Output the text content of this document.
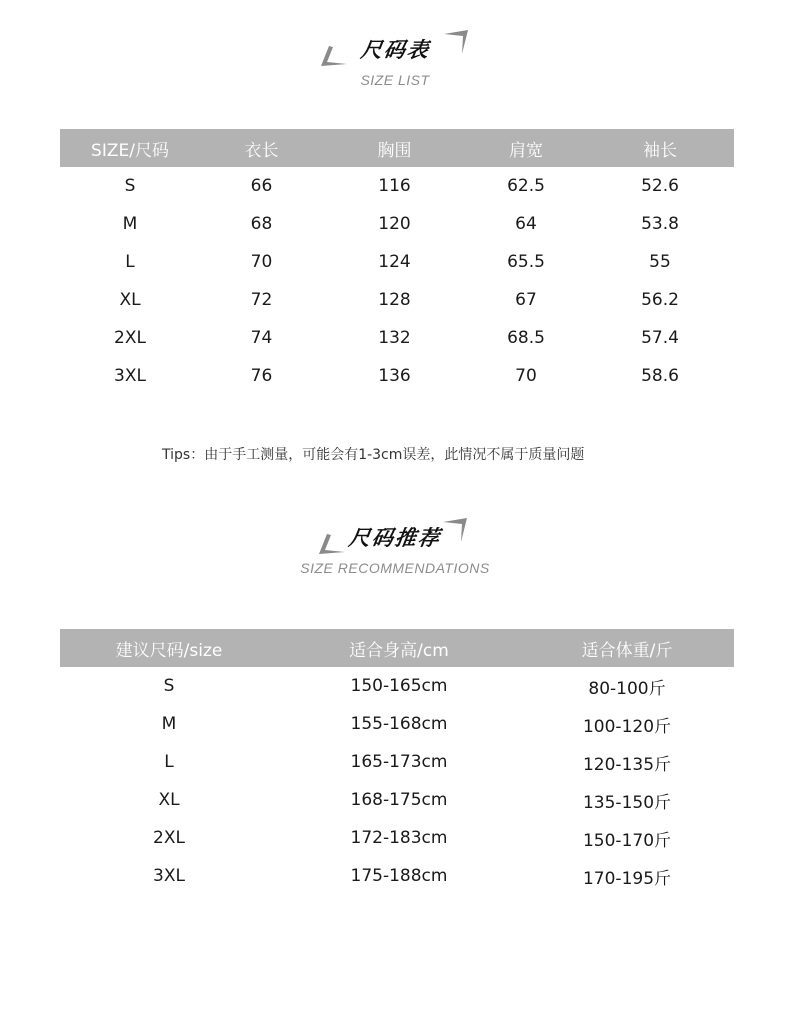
尺码表
SIZE LIST
SIZE/尺码	衣长	胸围	肩宽	袖长
S	66	116	62.5	52.6
M	68	120	64	53.8
L	70	124	65.5	55
XL	72	128	67	56.2
2XL	74	132	68.5	57.4
3XL	76	136	70	58.6
Tips：由于手工测量，可能会有1-3cm误差，此情况不属于质量问题
尺码推荐
SIZE RECOMMENDATIONS
建议尺码/size	适合身高/cm	适合体重/斤
S	150-165cm	80-100斤
M	155-168cm	100-120斤
L	165-173cm	120-135斤
XL	168-175cm	135-150斤
2XL	172-183cm	150-170斤
3XL	175-188cm	170-195斤
